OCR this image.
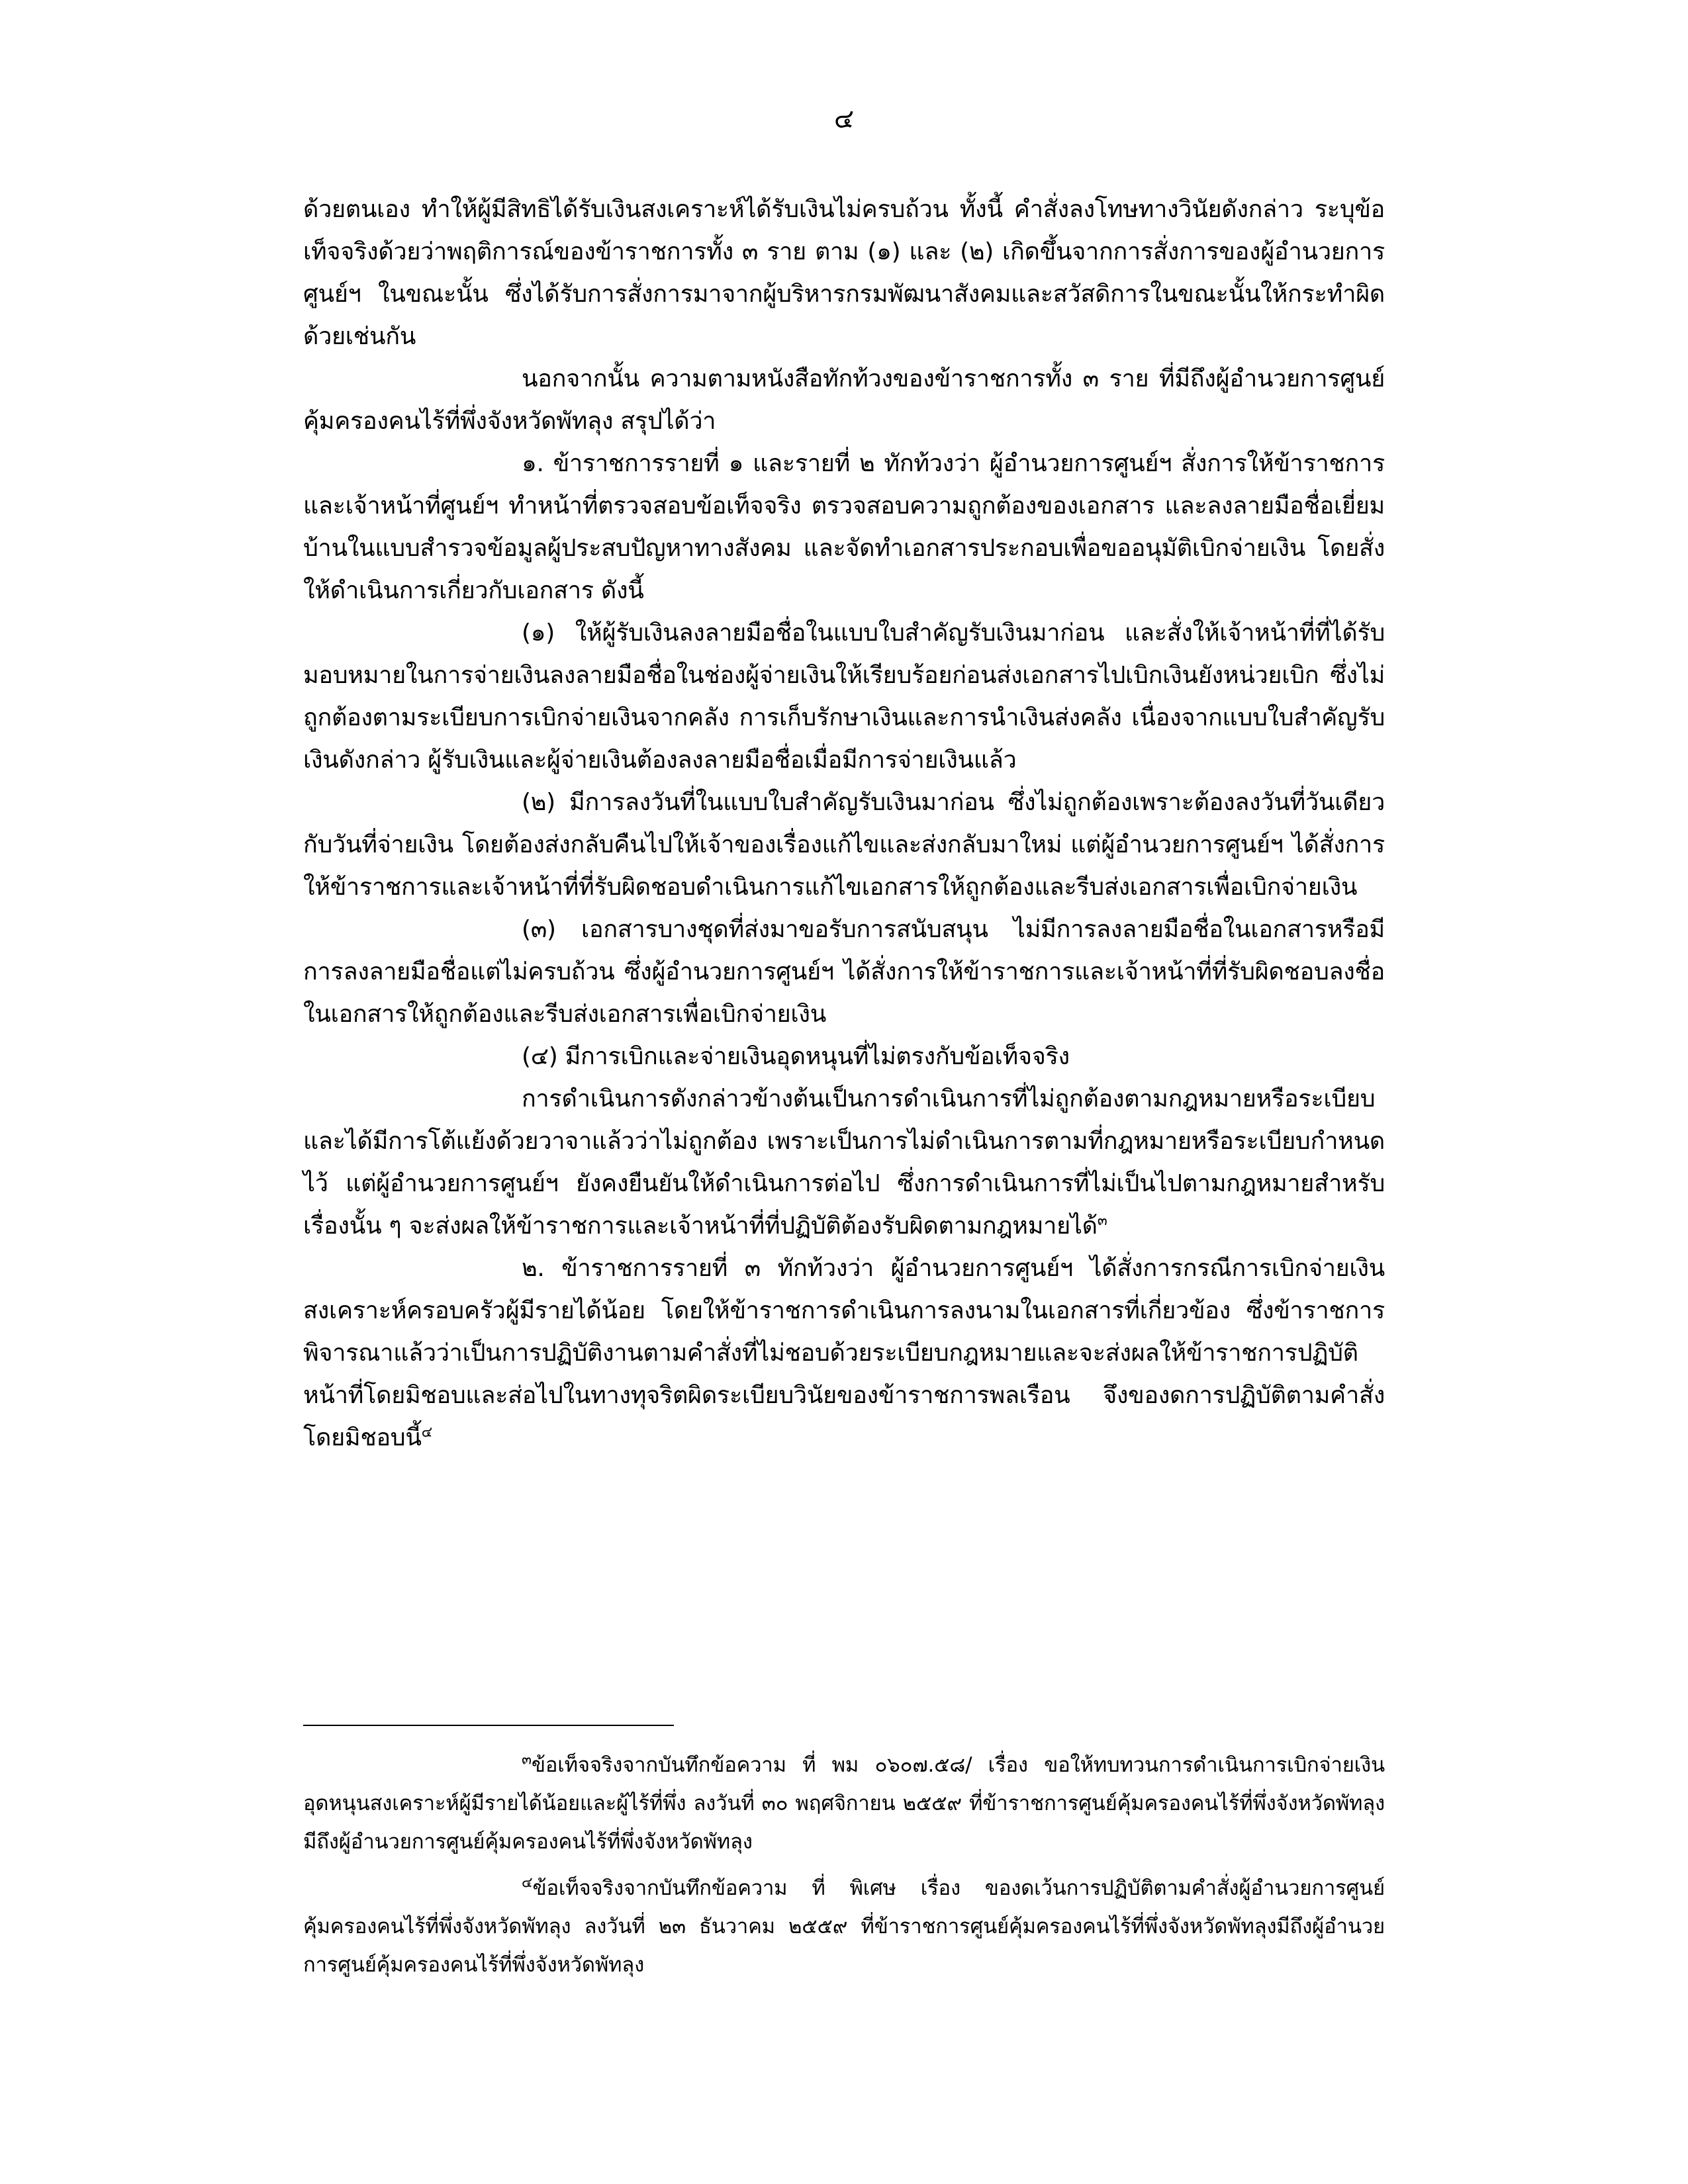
๔

ด้วยตนเอง ทำให้ผู้มีสิทธิได้รับเงินสงเคราะห์ได้รับเงินไม่ครบถ้วน ทั้งนี้ คำสั่งลงโทษทางวินัยดังกล่าว ระบุข้อเท็จจริงด้วยว่าพฤติการณ์ของข้าราชการทั้ง ๓ ราย ตาม (๑) และ (๒) เกิดขึ้นจากการสั่งการของผู้อำนวยการศูนย์ฯ ในขณะนั้น ซึ่งได้รับการสั่งการมาจากผู้บริหารกรมพัฒนาสังคมและสวัสดิการในขณะนั้นให้กระทำผิดด้วยเช่นกัน

นอกจากนั้น ความตามหนังสือทักท้วงของข้าราชการทั้ง ๓ ราย ที่มีถึงผู้อำนวยการศูนย์คุ้มครองคนไร้ที่พึ่งจังหวัดพัทลุง สรุปได้ว่า

๑. ข้าราชการรายที่ ๑ และรายที่ ๒ ทักท้วงว่า ผู้อำนวยการศูนย์ฯ สั่งการให้ข้าราชการและเจ้าหน้าที่ศูนย์ฯ ทำหน้าที่ตรวจสอบข้อเท็จจริง ตรวจสอบความถูกต้องของเอกสาร และลงลายมือชื่อเยี่ยมบ้านในแบบสำรวจข้อมูลผู้ประสบปัญหาทางสังคม และจัดทำเอกสารประกอบเพื่อขออนุมัติเบิกจ่ายเงิน โดยสั่งให้ดำเนินการเกี่ยวกับเอกสาร ดังนี้

(๑) ให้ผู้รับเงินลงลายมือชื่อในแบบใบสำคัญรับเงินมาก่อน และสั่งให้เจ้าหน้าที่ที่ได้รับมอบหมายในการจ่ายเงินลงลายมือชื่อในช่องผู้จ่ายเงินให้เรียบร้อยก่อนส่งเอกสารไปเบิกเงินยังหน่วยเบิก ซึ่งไม่ถูกต้องตามระเบียบการเบิกจ่ายเงินจากคลัง การเก็บรักษาเงินและการนำเงินส่งคลัง เนื่องจากแบบใบสำคัญรับเงินดังกล่าว ผู้รับเงินและผู้จ่ายเงินต้องลงลายมือชื่อเมื่อมีการจ่ายเงินแล้ว

(๒) มีการลงวันที่ในแบบใบสำคัญรับเงินมาก่อน ซึ่งไม่ถูกต้องเพราะต้องลงวันที่วันเดียวกับวันที่จ่ายเงิน โดยต้องส่งกลับคืนไปให้เจ้าของเรื่องแก้ไขและส่งกลับมาใหม่ แต่ผู้อำนวยการศูนย์ฯ ได้สั่งการให้ข้าราชการและเจ้าหน้าที่ที่รับผิดชอบดำเนินการแก้ไขเอกสารให้ถูกต้องและรีบส่งเอกสารเพื่อเบิกจ่ายเงิน

(๓) เอกสารบางชุดที่ส่งมาขอรับการสนับสนุน ไม่มีการลงลายมือชื่อในเอกสารหรือมีการลงลายมือชื่อแต่ไม่ครบถ้วน ซึ่งผู้อำนวยการศูนย์ฯ ได้สั่งการให้ข้าราชการและเจ้าหน้าที่ที่รับผิดชอบลงชื่อในเอกสารให้ถูกต้องและรีบส่งเอกสารเพื่อเบิกจ่ายเงิน

(๔) มีการเบิกและจ่ายเงินอุดหนุนที่ไม่ตรงกับข้อเท็จจริง

การดำเนินการดังกล่าวข้างต้นเป็นการดำเนินการที่ไม่ถูกต้องตามกฎหมายหรือระเบียบ และได้มีการโต้แย้งด้วยวาจาแล้วว่าไม่ถูกต้อง เพราะเป็นการไม่ดำเนินการตามที่กฎหมายหรือระเบียบกำหนดไว้ แต่ผู้อำนวยการศูนย์ฯ ยังคงยืนยันให้ดำเนินการต่อไป ซึ่งการดำเนินการที่ไม่เป็นไปตามกฎหมายสำหรับเรื่องนั้น ๆ จะส่งผลให้ข้าราชการและเจ้าหน้าที่ที่ปฏิบัติต้องรับผิดตามกฎหมายได้$^๓$

๒. ข้าราชการรายที่ ๓ ทักท้วงว่า ผู้อำนวยการศูนย์ฯ ได้สั่งการกรณีการเบิกจ่ายเงินสงเคราะห์ครอบครัวผู้มีรายได้น้อย โดยให้ข้าราชการดำเนินการลงนามในเอกสารที่เกี่ยวข้อง ซึ่งข้าราชการพิจารณาแล้วว่าเป็นการปฏิบัติงานตามคำสั่งที่ไม่ชอบด้วยระเบียบกฎหมายและจะส่งผลให้ข้าราชการปฏิบัติหน้าที่โดยมิชอบและส่อไปในทางทุจริตผิดระเบียบวินัยของข้าราชการพลเรือน จึงของดการปฏิบัติตามคำสั่งโดยมิชอบนี้$^๔$

$^๓$ข้อเท็จจริงจากบันทึกข้อความ ที่ พม ๐๖๐๗.๕๘/ เรื่อง ขอให้ทบทวนการดำเนินการเบิกจ่ายเงินอุดหนุนสงเคราะห์ผู้มีรายได้น้อยและผู้ไร้ที่พึ่ง ลงวันที่ ๓๐ พฤศจิกายน ๒๕๕๙ ที่ข้าราชการศูนย์คุ้มครองคนไร้ที่พึ่งจังหวัดพัทลุงมีถึงผู้อำนวยการศูนย์คุ้มครองคนไร้ที่พึ่งจังหวัดพัทลุง

$^๔$ข้อเท็จจริงจากบันทึกข้อความ ที่ พิเศษ เรื่อง ของดเว้นการปฏิบัติตามคำสั่งผู้อำนวยการศูนย์คุ้มครองคนไร้ที่พึ่งจังหวัดพัทลุง ลงวันที่ ๒๓ ธันวาคม ๒๕๕๙ ที่ข้าราชการศูนย์คุ้มครองคนไร้ที่พึ่งจังหวัดพัทลุงมีถึงผู้อำนวยการศูนย์คุ้มครองคนไร้ที่พึ่งจังหวัดพัทลุง
